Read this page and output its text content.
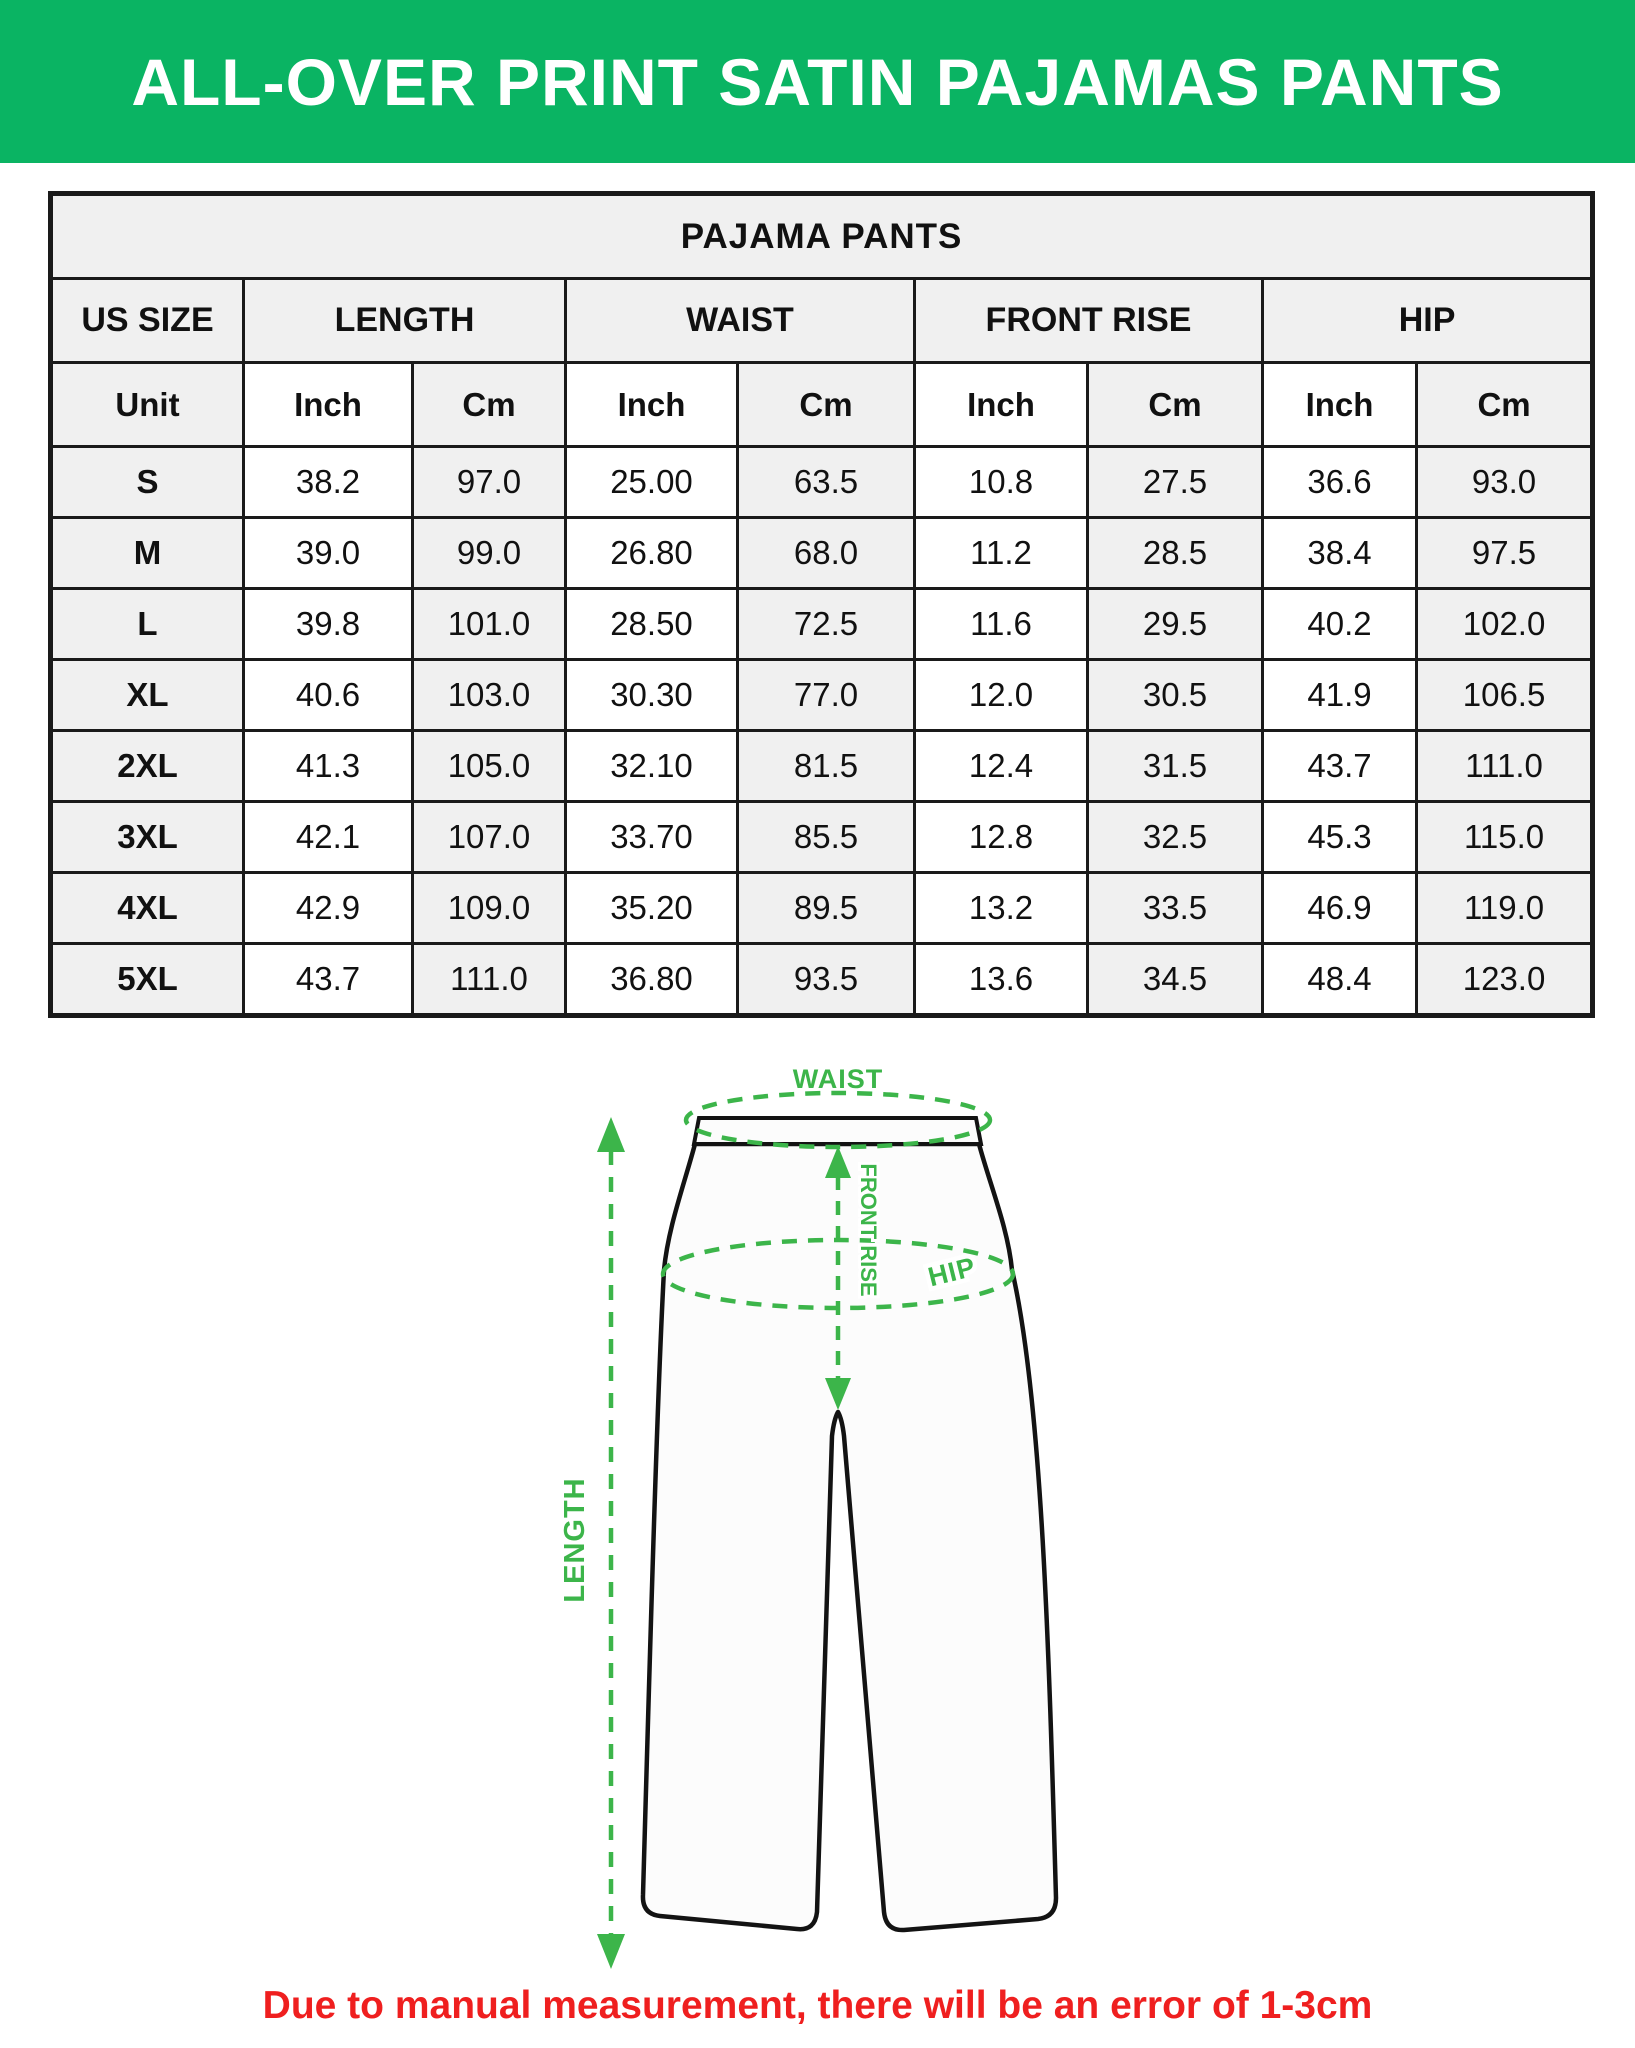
ALL-OVER PRINT SATIN PAJAMAS PANTS
PAJAMA PANTS								
US SIZE	LENGTH		WAIST		FRONT RISE		HIP	
Unit	Inch	Cm	Inch	Cm	Inch	Cm	Inch	Cm
S	38.2	97.0	25.00	63.5	10.8	27.5	36.6	93.0
M	39.0	99.0	26.80	68.0	11.2	28.5	38.4	97.5
L	39.8	101.0	28.50	72.5	11.6	29.5	40.2	102.0
XL	40.6	103.0	30.30	77.0	12.0	30.5	41.9	106.5
2XL	41.3	105.0	32.10	81.5	12.4	31.5	43.7	111.0
3XL	42.1	107.0	33.70	85.5	12.8	32.5	45.3	115.0
4XL	42.9	109.0	35.20	89.5	13.2	33.5	46.9	119.0
5XL	43.7	111.0	36.80	93.5	13.6	34.5	48.4	123.0
WAIST
LENGTH
FRONT RISE HIP
Due to manual measurement, there will be an error of 1-3cm
